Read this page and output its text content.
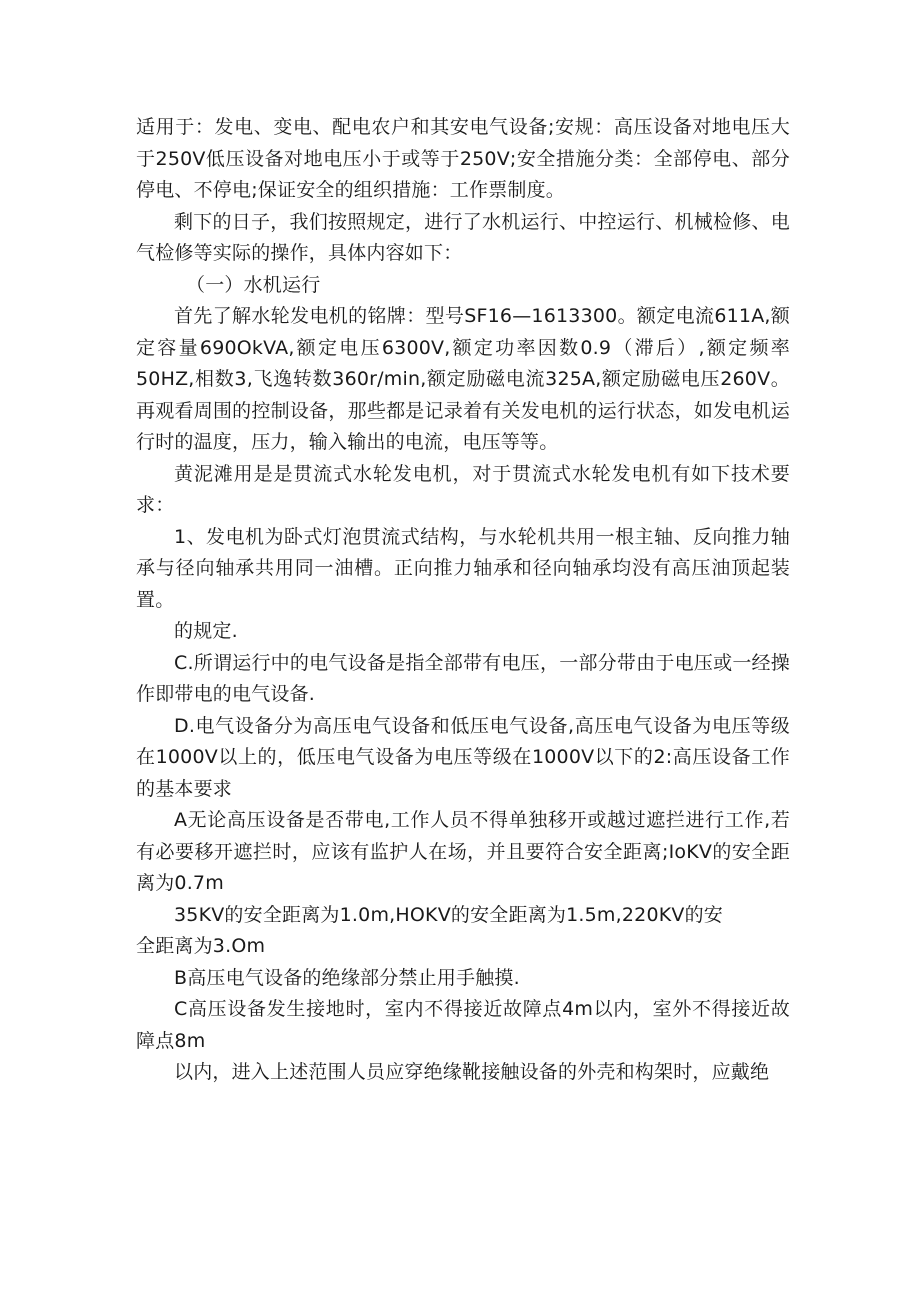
适用于：发电、变电、配电农户和其安电气设备;安规：高压设备对地电压大于250V低压设备对地电压小于或等于250V;安全措施分类：全部停电、部分停电、不停电;保证安全的组织措施：工作票制度。

剩下的日子，我们按照规定，进行了水机运行、中控运行、机械检修、电气检修等实际的操作，具体内容如下：

（一）水机运行

首先了解水轮发电机的铭牌：型号SF16—1613300。额定电流611A,额定容量690OkVA,额定电压6300V,额定功率因数0.9（滞后）,额定频率50HZ,相数3,飞逸转数360r/min,额定励磁电流325A,额定励磁电压260V。再观看周围的控制设备，那些都是记录着有关发电机的运行状态，如发电机运行时的温度，压力，输入输出的电流，电压等等。

黄泥滩用是是贯流式水轮发电机，对于贯流式水轮发电机有如下技术要求：

1、发电机为卧式灯泡贯流式结构，与水轮机共用一根主轴、反向推力轴承与径向轴承共用同一油槽。正向推力轴承和径向轴承均没有高压油顶起装置。

的规定.

C.所谓运行中的电气设备是指全部带有电压，一部分带由于电压或一经操作即带电的电气设备.

D.电气设备分为高压电气设备和低压电气设备,高压电气设备为电压等级在1000V以上的，低压电气设备为电压等级在1000V以下的2:高压设备工作的基本要求

A无论高压设备是否带电,工作人员不得单独移开或越过遮拦进行工作,若有必要移开遮拦时，应该有监护人在场，并且要符合安全距离;IoKV的安全距离为0.7m

35KV的安全距离为1.0m,HOKV的安全距离为1.5m,220KV的安

全距离为3.Om

B高压电气设备的绝缘部分禁止用手触摸.

C高压设备发生接地时，室内不得接近故障点4m以内，室外不得接近故障点8m

以内，进入上述范围人员应穿绝缘靴接触设备的外壳和构架时，应戴绝
